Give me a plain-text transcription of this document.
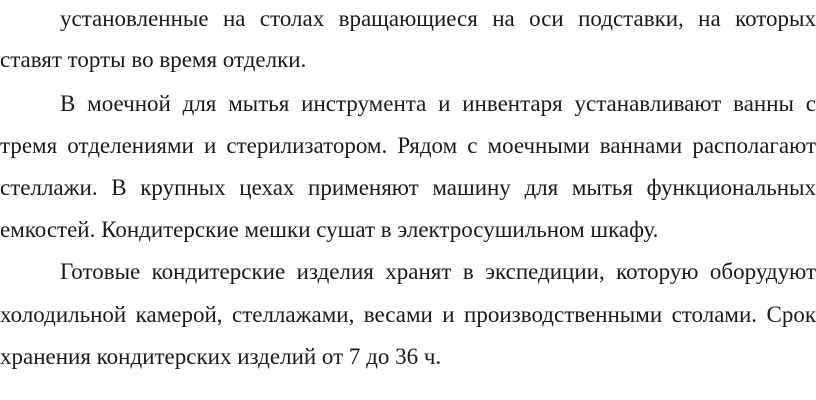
установленные на столах вращающиеся на оси подставки, на которых
ставят торты во время отделки.
В моечной для мытья инструмента и инвентаря устанавливают ванны с
тремя отделениями и стерилизатором. Рядом с моечными ваннами располагают
стеллажи. В крупных цехах применяют машину для мытья функциональных
емкостей. Кондитерские мешки сушат в электросушильном шкафу.
Готовые кондитерские изделия хранят в экспедиции, которую оборудуют
холодильной камерой, стеллажами, весами и производственными столами. Срок
хранения кондитерских изделий от 7 до 36 ч.
